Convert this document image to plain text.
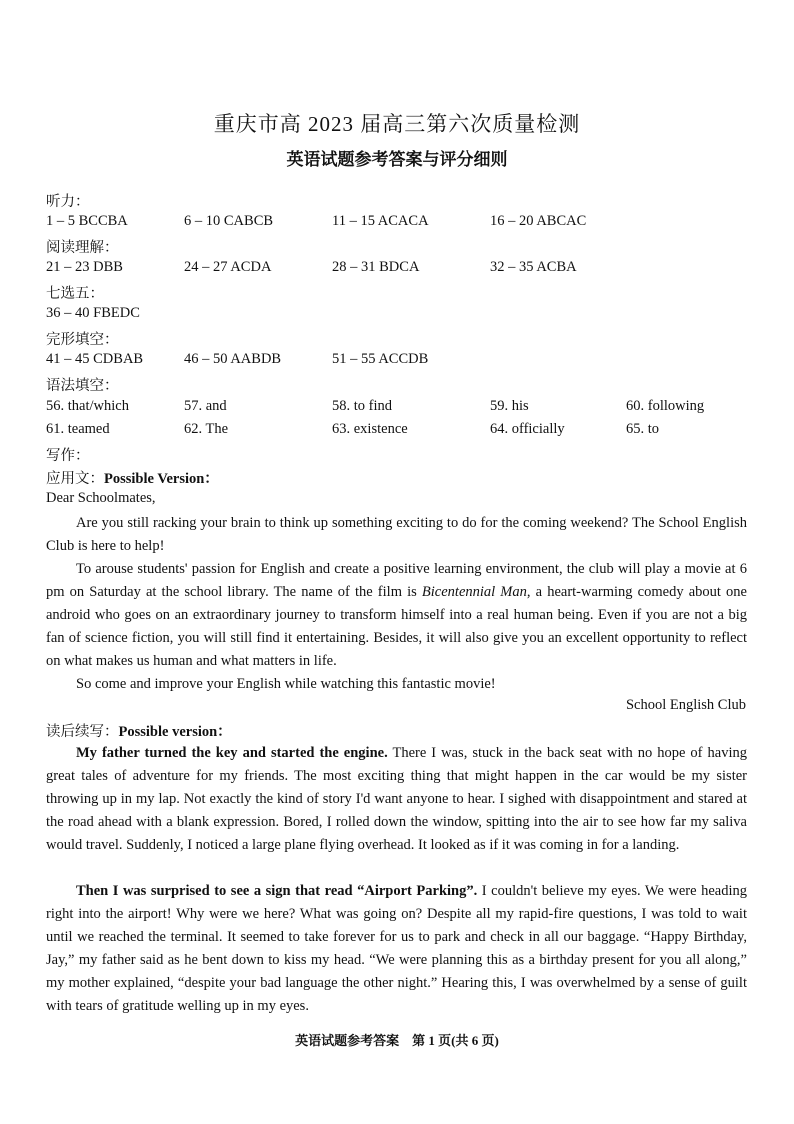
重庆市高 2023 届高三第六次质量检测
英语试题参考答案与评分细则
听力：
1 – 5 BCCBA	6 – 10 CABCB	11 – 15 ACACA	16 – 20 ABCAC
阅读理解：
21 – 23 DBB	24 – 27 ACDA	28 – 31 BDCA	32 – 35 ACBA
七选五：
36 – 40 FBEDC
完形填空：
41 – 45 CDBAB	46 – 50 AABDB	51 – 55 ACCDB
语法填空：
56. that/which	57. and	58. to find	59. his	60. following
61. teamed	62. The	63. existence	64. officially	65. to
写作：
应用文：Possible Version：
Dear Schoolmates,
Are you still racking your brain to think up something exciting to do for the coming weekend? The School English Club is here to help!
To arouse students' passion for English and create a positive learning environment, the club will play a movie at 6 pm on Saturday at the school library. The name of the film is Bicentennial Man, a heart-warming comedy about one android who goes on an extraordinary journey to transform himself into a real human being. Even if you are not a big fan of science fiction, you will still find it entertaining. Besides, it will also give you an excellent opportunity to reflect on what makes us human and what matters in life.
So come and improve your English while watching this fantastic movie!
School English Club
读后续写：Possible version：
My father turned the key and started the engine. There I was, stuck in the back seat with no hope of having great tales of adventure for my friends. The most exciting thing that might happen in the car would be my sister throwing up in my lap. Not exactly the kind of story I'd want anyone to hear. I sighed with disappointment and stared at the road ahead with a blank expression. Bored, I rolled down the window, spitting into the air to see how far my saliva would travel. Suddenly, I noticed a large plane flying overhead. It looked as if it was coming in for a landing.
Then I was surprised to see a sign that read “Airport Parking”. I couldn't believe my eyes. We were heading right into the airport! Why were we here? What was going on? Despite all my rapid-fire questions, I was told to wait until we reached the terminal. It seemed to take forever for us to park and check in all our baggage. “Happy Birthday, Jay,” my father said as he bent down to kiss my head. “We were planning this as a birthday present for you all along,” my mother explained, “despite your bad language the other night.” Hearing this, I was overwhelmed by a sense of guilt with tears of gratitude welling up in my eyes.
英语试题参考答案　第 1 页(共 6 页)
